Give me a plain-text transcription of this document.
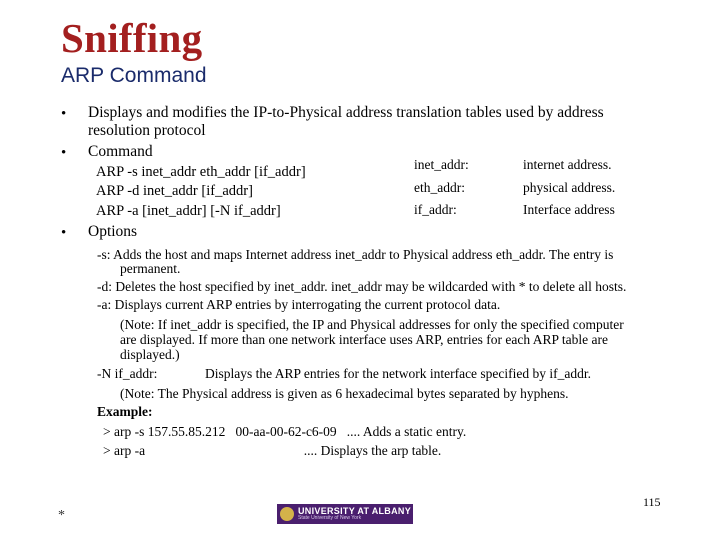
Sniffing
ARP Command
• Displays and modifies the IP-to-Physical address translation tables used by address
resolution protocol
• Command
ARP -s inet_addr eth_addr [if_addr]
ARP -d inet_addr [if_addr]
ARP -a [inet_addr] [-N if_addr]
inet_addr:	internet address.
eth_addr:	physical address.
if_addr:	Interface address
• Options
-s: Adds the host and maps Internet address inet_addr to Physical address eth_addr. The entry is
permanent.
-d: Deletes the host specified by inet_addr. inet_addr may be wildcarded with * to delete all hosts.
-a: Displays current ARP entries by interrogating the current protocol data.
(Note: If inet_addr is specified, the IP and Physical addresses for only the specified computer
are displayed. If more than one network interface uses ARP, entries for each ARP table are
displayed.)
-N if_addr:	Displays the ARP entries for the network interface specified by if_addr.
(Note: The Physical address is given as 6 hexadecimal bytes separated by hyphens.
Example:
> arp -s 157.55.85.212   00-aa-00-62-c6-09   .... Adds a static entry.
> arp -a                                               .... Displays the arp table.
*	UNIVERSITY AT ALBANY
State University of New York
115
